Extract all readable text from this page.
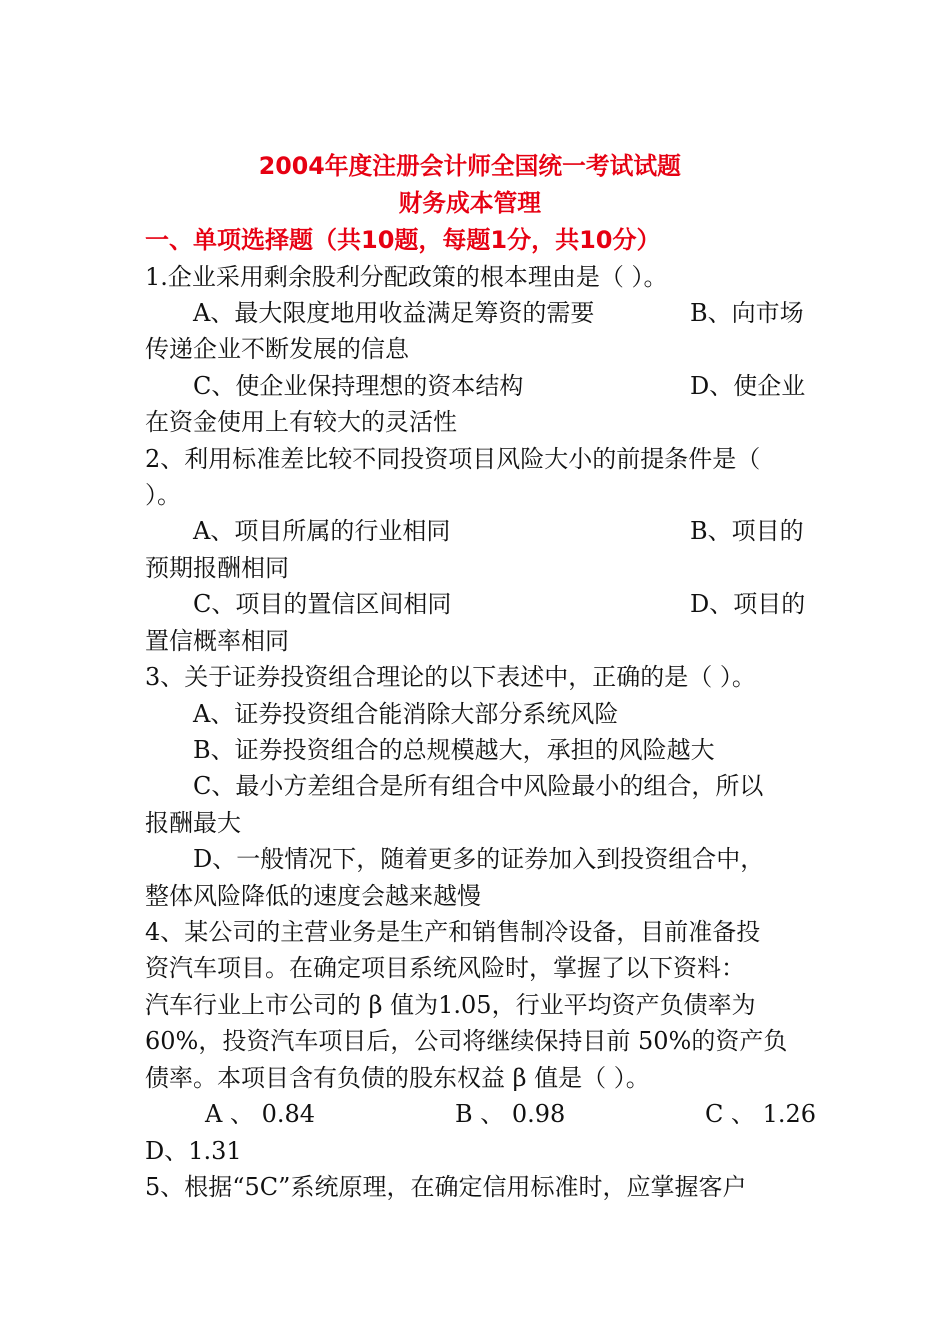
2004年度注册会计师全国统一考试试题
财务成本管理
一、单项选择题（共10题，每题1分，共10分）
1.企业采用剩余股利分配政策的根本理由是（ ）。
A、最大限度地用收益满足筹资的需要	B、向市场
传递企业不断发展的信息
C、使企业保持理想的资本结构	D、使企业
在资金使用上有较大的灵活性
2、利用标准差比较不同投资项目风险大小的前提条件是（
）。
A、项目所属的行业相同	B、项目的
预期报酬相同
C、项目的置信区间相同	D、项目的
置信概率相同
3、关于证券投资组合理论的以下表述中，正确的是（ ）。
A、证券投资组合能消除大部分系统风险
B、证券投资组合的总规模越大，承担的风险越大
C、最小方差组合是所有组合中风险最小的组合，所以
报酬最大
D、一般情况下，随着更多的证券加入到投资组合中，
整体风险降低的速度会越来越慢
4、某公司的主营业务是生产和销售制冷设备，目前准备投
资汽车项目。在确定项目系统风险时，掌握了以下资料：
汽车行业上市公司的 β 值为1.05，行业平均资产负债率为
60%，投资汽车项目后，公司将继续保持目前 50%的资产负
债率。本项目含有负债的股东权益 β 值是（ ）。
A 、 0.84	B 、 0.98	C 、 1.26
D、1.31
5、根据“5C”系统原理，在确定信用标准时，应掌握客户
